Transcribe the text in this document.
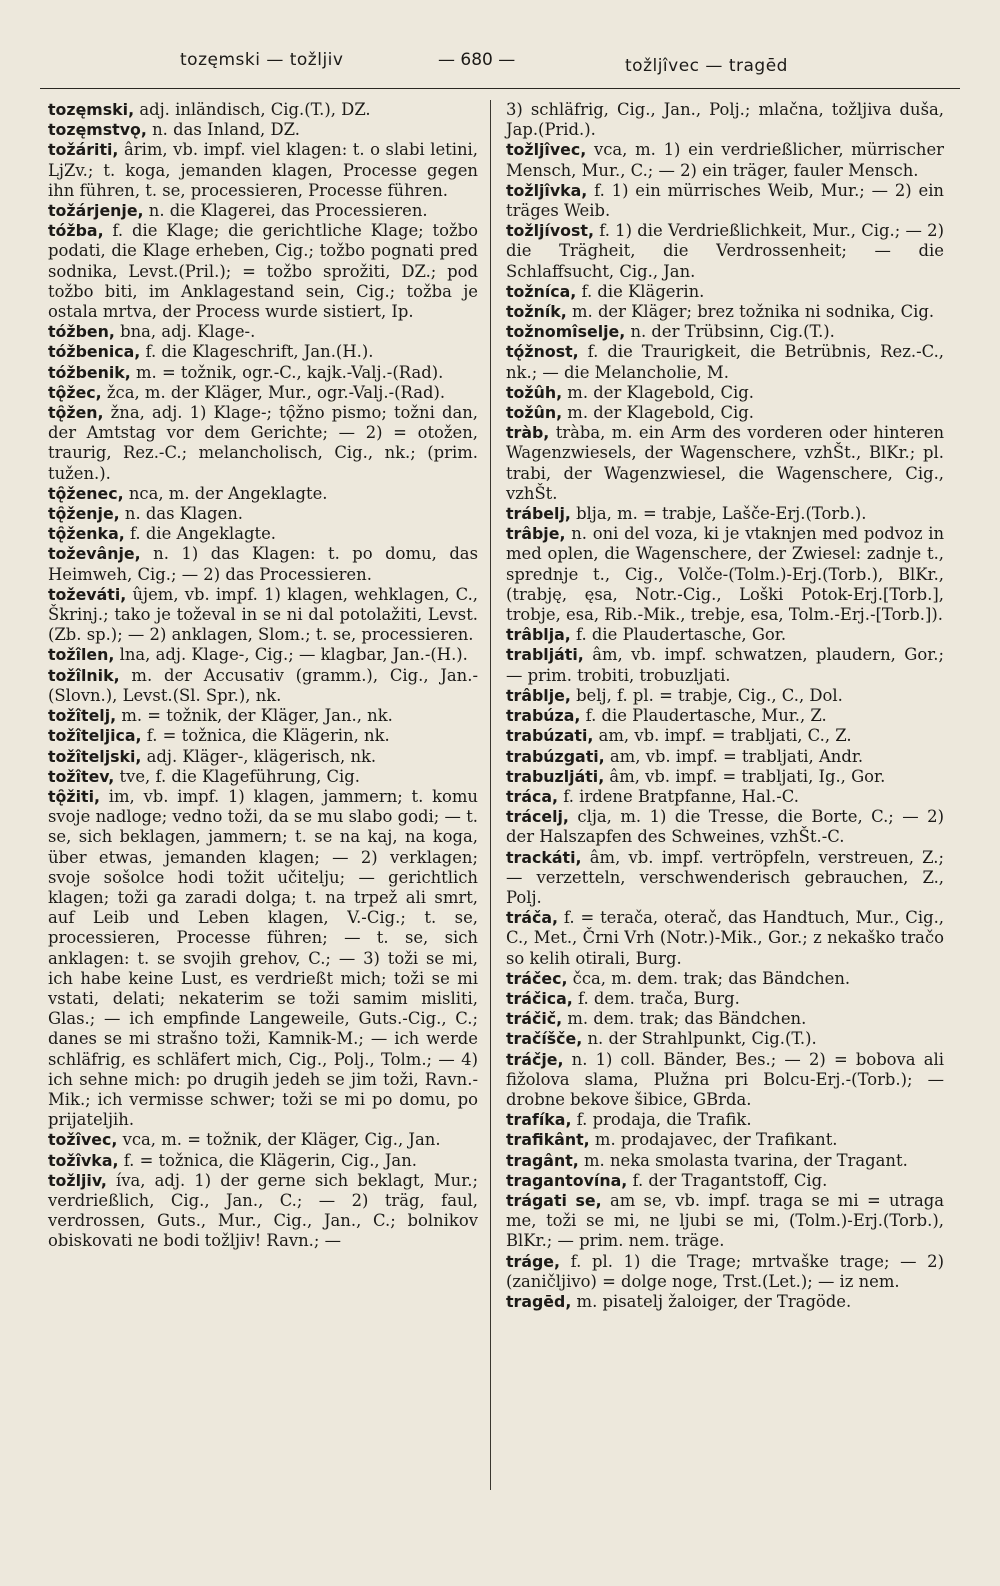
tozęmski — tožljiv	— 680 —	tožljîvec — tragēd

tozęmski, adj. inländisch, Cig.(T.), DZ.

tozęmstvǫ, n. das Inland, DZ.

tožáriti, ârim, vb. impf. viel klagen: t. o slabi letini, LjZv.; t. koga, jemanden klagen, Processe gegen ihn führen, t. se, processieren, Processe führen.

tožárjenje, n. die Klagerei, das Processieren.

tóžba, f. die Klage; die gerichtliche Klage; tožbo podati, die Klage erheben, Cig.; tožbo pognati pred sodnika, Levst.(Pril.); = tožbo sprožiti, DZ.; pod tožbo biti, im Anklagestand sein, Cig.; tožba je ostala mrtva, der Process wurde sistiert, Ip.

tóžben, bna, adj. Klage-.

tóžbenica, f. die Klageschrift, Jan.(H.).

tóžbenik, m. = tožnik, ogr.-C., kajk.-Valj.-(Rad).

tǫ̑žec, žca, m. der Kläger, Mur., ogr.-Valj.-(Rad).

tǫ̑žen, žna, adj. 1) Klage-; tǫ̑žno pismo; tožni dan, der Amtstag vor dem Gerichte; — 2) = otožen, traurig, Rez.-C.; melancholisch, Cig., nk.; (prim. tužen.).

tǫ̑ženec, nca, m. der Angeklagte.

tǫ̑ženje, n. das Klagen.

tǫ̑ženka, f. die Angeklagte.

toževânje, n. 1) das Klagen: t. po domu, das Heimweh, Cig.; — 2) das Processieren.

toževáti, ûjem, vb. impf. 1) klagen, wehklagen, C., Škrinj.; tako je toževal in se ni dal potolažiti, Levst.(Zb. sp.); — 2) anklagen, Slom.; t. se, processieren.

tožîlen, lna, adj. Klage-, Cig.; — klagbar, Jan.-(H.).

tožîlnik, m. der Accusativ (gramm.), Cig., Jan.-(Slovn.), Levst.(Sl. Spr.), nk.

tožîtelj, m. = tožnik, der Kläger, Jan., nk.

tožîteljica, f. = tožnica, die Klägerin, nk.

tožîteljski, adj. Kläger-, klägerisch, nk.

tožîtev, tve, f. die Klageführung, Cig.

tǫ̑žiti, im, vb. impf. 1) klagen, jammern; t. komu svoje nadloge; vedno toži, da se mu slabo godi; — t. se, sich beklagen, jammern; t. se na kaj, na koga, über etwas, jemanden klagen; — 2) verklagen; svoje sošolce hodi tožit učitelju; — gerichtlich klagen; toži ga zaradi dolga; t. na trpež ali smrt, auf Leib und Leben klagen, V.-Cig.; t. se, processieren, Processe führen; — t. se, sich anklagen: t. se svojih grehov, C.; — 3) toži se mi, ich habe keine Lust, es verdrießt mich; toži se mi vstati, delati; nekaterim se toži samim misliti, Glas.; — ich empfinde Langeweile, Guts.-Cig., C.; danes se mi strašno toži, Kamnik-M.; — ich werde schläfrig, es schläfert mich, Cig., Polj., Tolm.; — 4) ich sehne mich: po drugih jedeh se jim toži, Ravn.-Mik.; ich vermisse schwer; toži se mi po domu, po prijateljih.

tožîvec, vca, m. = tožnik, der Kläger, Cig., Jan.

tožîvka, f. = tožnica, die Klägerin, Cig., Jan.

tožljiv, íva, adj. 1) der gerne sich beklagt, Mur.; verdrießlich, Cig., Jan., C.; — 2) träg, faul, verdrossen, Guts., Mur., Cig., Jan., C.; bolnikov obiskovati ne bodi tožljiv! Ravn.; —

3) schläfrig, Cig., Jan., Polj.; mlačna, tožljiva duša, Jap.(Prid.).

tožljîvec, vca, m. 1) ein verdrießlicher, mürrischer Mensch, Mur., C.; — 2) ein träger, fauler Mensch.

tožljîvka, f. 1) ein mürrisches Weib, Mur.; — 2) ein träges Weib.

tožljívost, f. 1) die Verdrießlichkeit, Mur., Cig.; — 2) die Trägheit, die Verdrossenheit; — die Schlaffsucht, Cig., Jan.

tožníca, f. die Klägerin.

tožník, m. der Kläger; brez tožnika ni sodnika, Cig.

tožnomîselje, n. der Trübsinn, Cig.(T.).

tǫ́žnost, f. die Traurigkeit, die Betrübnis, Rez.-C., nk.; — die Melancholie, M.

tožûh, m. der Klagebold, Cig.

tožûn, m. der Klagebold, Cig.

tràb, tràba, m. ein Arm des vorderen oder hinteren Wagenzwiesels, der Wagenschere, vzhŠt., BlKr.; pl. trabi, der Wagenzwiesel, die Wagenschere, Cig., vzhŠt.

trábelj, blja, m. = trabje, Lašče-Erj.(Torb.).

trâbje, n. oni del voza, ki je vtaknjen med podvoz in med oplen, die Wagenschere, der Zwiesel: zadnje t., sprednje t., Cig., Volče-(Tolm.)-Erj.(Torb.), BlKr., (trabję, ęsa, Notr.-Cig., Loški Potok-Erj.[Torb.], trobje, esa, Rib.-Mik., trebje, esa, Tolm.-Erj.-[Torb.]).

trâblja, f. die Plaudertasche, Gor.

trabljáti, âm, vb. impf. schwatzen, plaudern, Gor.; — prim. trobiti, trobuzljati.

trâblje, belj, f. pl. = trabje, Cig., C., Dol.

trabúza, f. die Plaudertasche, Mur., Z.

trabúzati, am, vb. impf. = trabljati, C., Z.

trabúzgati, am, vb. impf. = trabljati, Andr.

trabuzljáti, âm, vb. impf. = trabljati, Ig., Gor.

tráca, f. irdene Bratpfanne, Hal.-C.

trácelj, clja, m. 1) die Tresse, die Borte, C.; — 2) der Halszapfen des Schweines, vzhŠt.-C.

trackáti, âm, vb. impf. vertröpfeln, verstreuen, Z.; — verzetteln, verschwenderisch gebrauchen, Z., Polj.

tráča, f. = terača, oterač, das Handtuch, Mur., Cig., C., Met., Črni Vrh (Notr.)-Mik., Gor.; z nekaško tračo so kelih otirali, Burg.

tráčec, čca, m. dem. trak; das Bändchen.

tráčica, f. dem. trača, Burg.

tráčič, m. dem. trak; das Bändchen.

tračíšče, n. der Strahlpunkt, Cig.(T.).

tráčje, n. 1) coll. Bänder, Bes.; — 2) = bobova ali fižolova slama, Plužna pri Bolcu-Erj.-(Torb.); — drobne bekove šibice, GBrda.

trafíka, f. prodaja, die Trafik.

trafikânt, m. prodajavec, der Trafikant.

tragânt, m. neka smolasta tvarina, der Tragant.

tragantovína, f. der Tragantstoff, Cig.

trágati se, am se, vb. impf. traga se mi = utraga me, toži se mi, ne ljubi se mi, (Tolm.)-Erj.(Torb.), BlKr.; — prim. nem. träge.

tráge, f. pl. 1) die Trage; mrtvaške trage; — 2) (zaničljivo) = dolge noge, Trst.(Let.); — iz nem.

tragēd, m. pisatelj žaloiger, der Tragöde.
